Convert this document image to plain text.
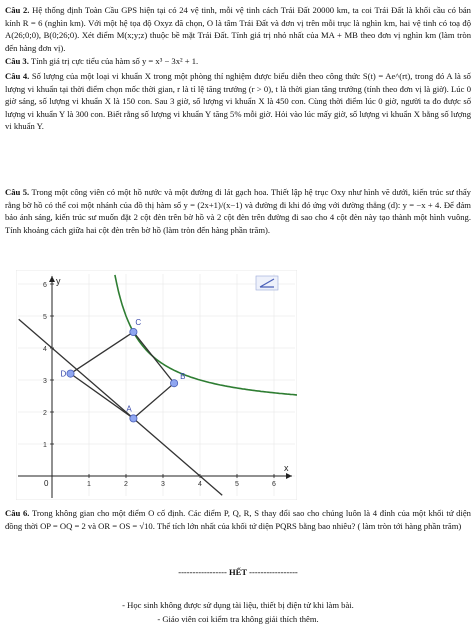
Câu 2. Hệ thống định Toàn Cầu GPS hiện tại có 24 vệ tinh, mỗi vệ tinh cách Trái Đất 20000 km, ta coi Trái Đất là khối cầu có bán kính R = 6 (nghìn km). Với một hệ tọa độ Oxyz đã chọn, O là tâm Trái Đất và đơn vị trên mỗi trục là nghìn km, hai vệ tinh có toạ độ A(26;0;0), B(0;26;0). Xét điểm M(x;y;z) thuộc bề mặt Trái Đất. Tính giá trị nhỏ nhất của MA + MB theo đơn vị nghìn km (làm tròn đến hàng đơn vị).
Câu 3. Tính giá trị cực tiểu của hàm số y = x³ − 3x² + 1.
Câu 4. Số lượng của một loại vi khuẩn X trong một phòng thí nghiệm được biểu diễn theo công thức S(t) = Ae^(rt), trong đó A là số lượng vi khuẩn tại thời điểm chọn mốc thời gian, r là tỉ lệ tăng trưởng (r > 0), t là thời gian tăng trưởng (tính theo đơn vị là giờ). Lúc 0 giờ sáng, số lượng vi khuẩn X là 150 con. Sau 3 giờ, số lượng vi khuẩn X là 450 con. Cùng thời điểm lúc 0 giờ, người ta đo được số lượng vi khuẩn Y là 300 con. Biết rằng số lượng vi khuẩn Y tăng 5% mỗi giờ. Hỏi vào lúc mấy giờ, số lượng vi khuẩn X bằng số lượng vi khuẩn Y.
Câu 5. Trong một công viên có một hồ nước và một đường đi lát gạch hoa. Thiết lập hệ trục Oxy như hình vẽ dưới, kiến trúc sư thấy rằng bờ hồ có thể coi một nhánh của đồ thị hàm số y = (2x+1)/(x−1) và đường đi khi đó ứng với đường thẳng (d): y = −x + 4. Để đảm bảo ánh sáng, kiến trúc sư muốn đặt 2 cột đèn trên bờ hồ và 2 cột đèn trên đường đi sao cho 4 cột đèn này tạo thành một hình vuông. Tính khoảng cách giữa hai cột đèn trên bờ hồ (làm tròn đến hàng phần trăm).
1	2	3	4	5	6
1
2
3
4
5
6
A
B
C
D
x
y
0
Câu 6. Trong không gian cho một điểm O cố định. Các điểm P, Q, R, S thay đổi sao cho chúng luôn là 4 đỉnh của một khối tứ diện đồng thời OP = OQ = 2 và OR = OS = √10. Thể tích lớn nhất của khối tứ diện PQRS bằng bao nhiêu? ( làm tròn tới hàng phần trăm)
----------------- HẾT -----------------
- Học sinh không được sử dụng tài liệu, thiết bị điện tử khi làm bài.
- Giáo viên coi kiểm tra không giải thích thêm.
